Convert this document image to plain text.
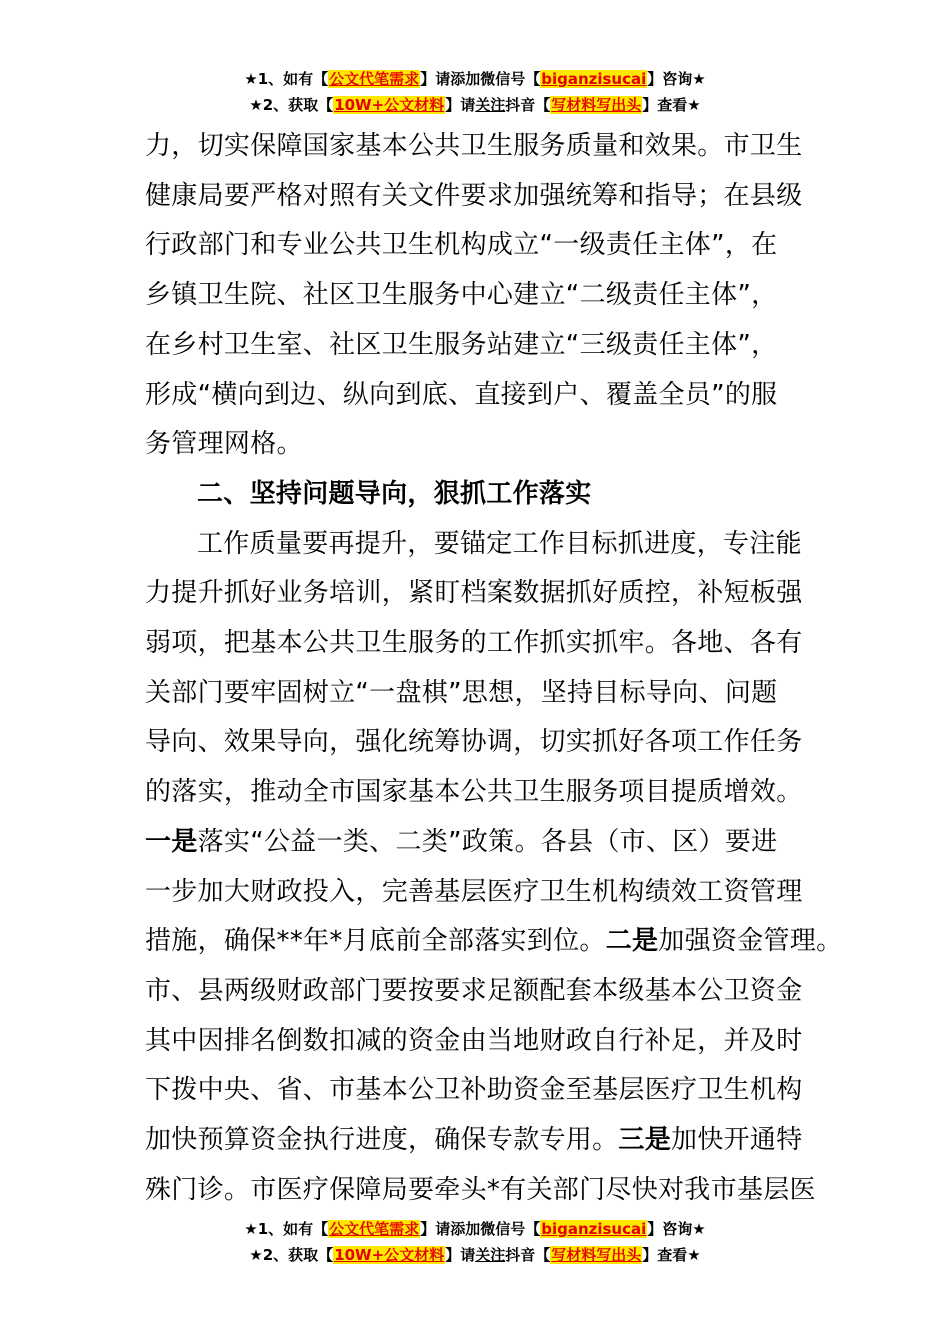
★1、如有【公文代笔需求】请添加微信号【biganzisucai】咨询★
★2、获取【10W+公文材料】请关注抖音【写材料写出头】查看★

力，切实保障国家基本公共卫生服务质量和效果。市卫生

健康局要严格对照有关文件要求加强统筹和指导；在县级

行政部门和专业公共卫生机构成立“一级责任主体”，在

乡镇卫生院、社区卫生服务中心建立“二级责任主体”，

在乡村卫生室、社区卫生服务站建立“三级责任主体”，

形成“横向到边、纵向到底、直接到户、覆盖全员”的服

务管理网格。

二、坚持问题导向，狠抓工作落实

工作质量要再提升，要锚定工作目标抓进度，专注能

力提升抓好业务培训，紧盯档案数据抓好质控，补短板强

弱项，把基本公共卫生服务的工作抓实抓牢。各地、各有

关部门要牢固树立“一盘棋”思想，坚持目标导向、问题

导向、效果导向，强化统筹协调，切实抓好各项工作任务

的落实，推动全市国家基本公共卫生服务项目提质增效。

一是落实“公益一类、二类”政策。各县（市、区）要进

一步加大财政投入，完善基层医疗卫生机构绩效工资管理

措施，确保**年*月底前全部落实到位。二是加强资金管理。

市、县两级财政部门要按要求足额配套本级基本公卫资金

其中因排名倒数扣减的资金由当地财政自行补足，并及时

下拨中央、省、市基本公卫补助资金至基层医疗卫生机构

加快预算资金执行进度，确保专款专用。三是加快开通特

殊门诊。市医疗保障局要牵头*有关部门尽快对我市基层医

★1、如有【公文代笔需求】请添加微信号【biganzisucai】咨询★
★2、获取【10W+公文材料】请关注抖音【写材料写出头】查看★
